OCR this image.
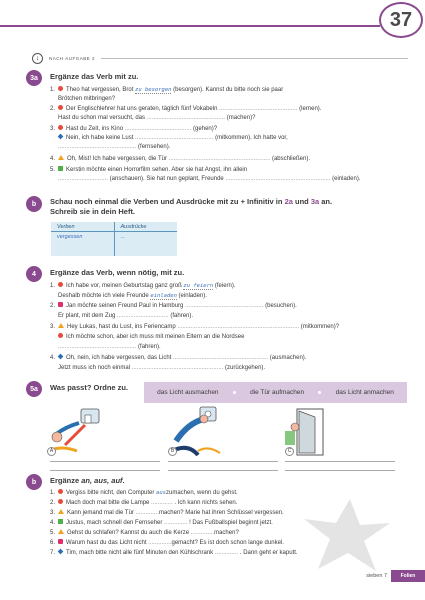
37
↓	NACH AUFGABE 2
3a	Ergänze das Verb mit zu.
1. Theo hat vergessen, Brot zu besorgen (besorgen). Kannst du bitte noch sie paar
Brötchen mitbringen?
2. Der Englischlehrer hat uns geraten, täglich fünf Vokabeln ............................................... (lernen).
Hast du schon mal versucht, das ............................................... (machen)?
3. Hast du Zeit, ins Kino ........................................ (gehen)?
Nein, ich habe keine Lust ............................................... (mitkommen). Ich hatte vor,
............................................... (fernsehen).
4. Oh, Mist! Ich habe vergessen, die Tür ............................................................. (abschließen).
5. Kerstin möchte einen Horrorfilm sehen. Aber sie hat Angst, ihn allein
.............................. (anschauen). Sie hat nun geplant, Freunde ............................................................... (einladen).
b	Schau noch einmal die Verben und Ausdrücke mit zu + Infinitiv in 2a und 3a an.
Schreib sie in dein Heft.
Verben	Ausdrücke
vergessen	...
4	Ergänze das Verb, wenn nötig, mit zu.
1. Ich habe vor, meinen Geburtstag ganz groß zu feiern (feiern).
Deshalb möchte ich viele Freunde einladen (einladen).
2. Jan möchte seinen Freund Paul in Hamburg ............................................... (besuchen).
Er plant, mit dem Zug ............................... (fahren).
3. Hey Lukas, hast du Lust, ins Feriencamp ......................................................................... (mitkommen)?
Ich möchte schon, aber ich muss mit meinen Eltern an die Nordsee
............................................... (fahren).
4. Oh, nein, ich habe vergessen, das Licht ......................................................... (ausmachen).
Jetzt muss ich noch einmal ....................................................... (zurückgehen).
5a	Was passt? Ordne zu.
das Licht ausmachen	die Tür aufmachen	das Licht anmachen
A	B	C
b	Ergänze an, aus, auf.
1. Vergiss bitte nicht, den Computer auszumachen, wenn du gehst.
2. Mach doch mal bitte die Lampe ............. . Ich kann nichts sehen.
3. Kann jemand mal die Tür ..............machen? Marie hat ihren Schlüssel vergessen.
4. Justus, mach schnell den Fernseher .............. ! Das Fußballspiel beginnt jetzt.
5. Gehst du schlafen? Kannst du auch die Kerze ..............machen?
6. Warum hast du das Licht nicht ..............gemacht? Es ist doch schon lange dunkel.
7. Tim, mach bitte nicht alle fünf Minuten den Kühlschrank .............. . Dann geht er kaputt.
sieben 7	Folien
